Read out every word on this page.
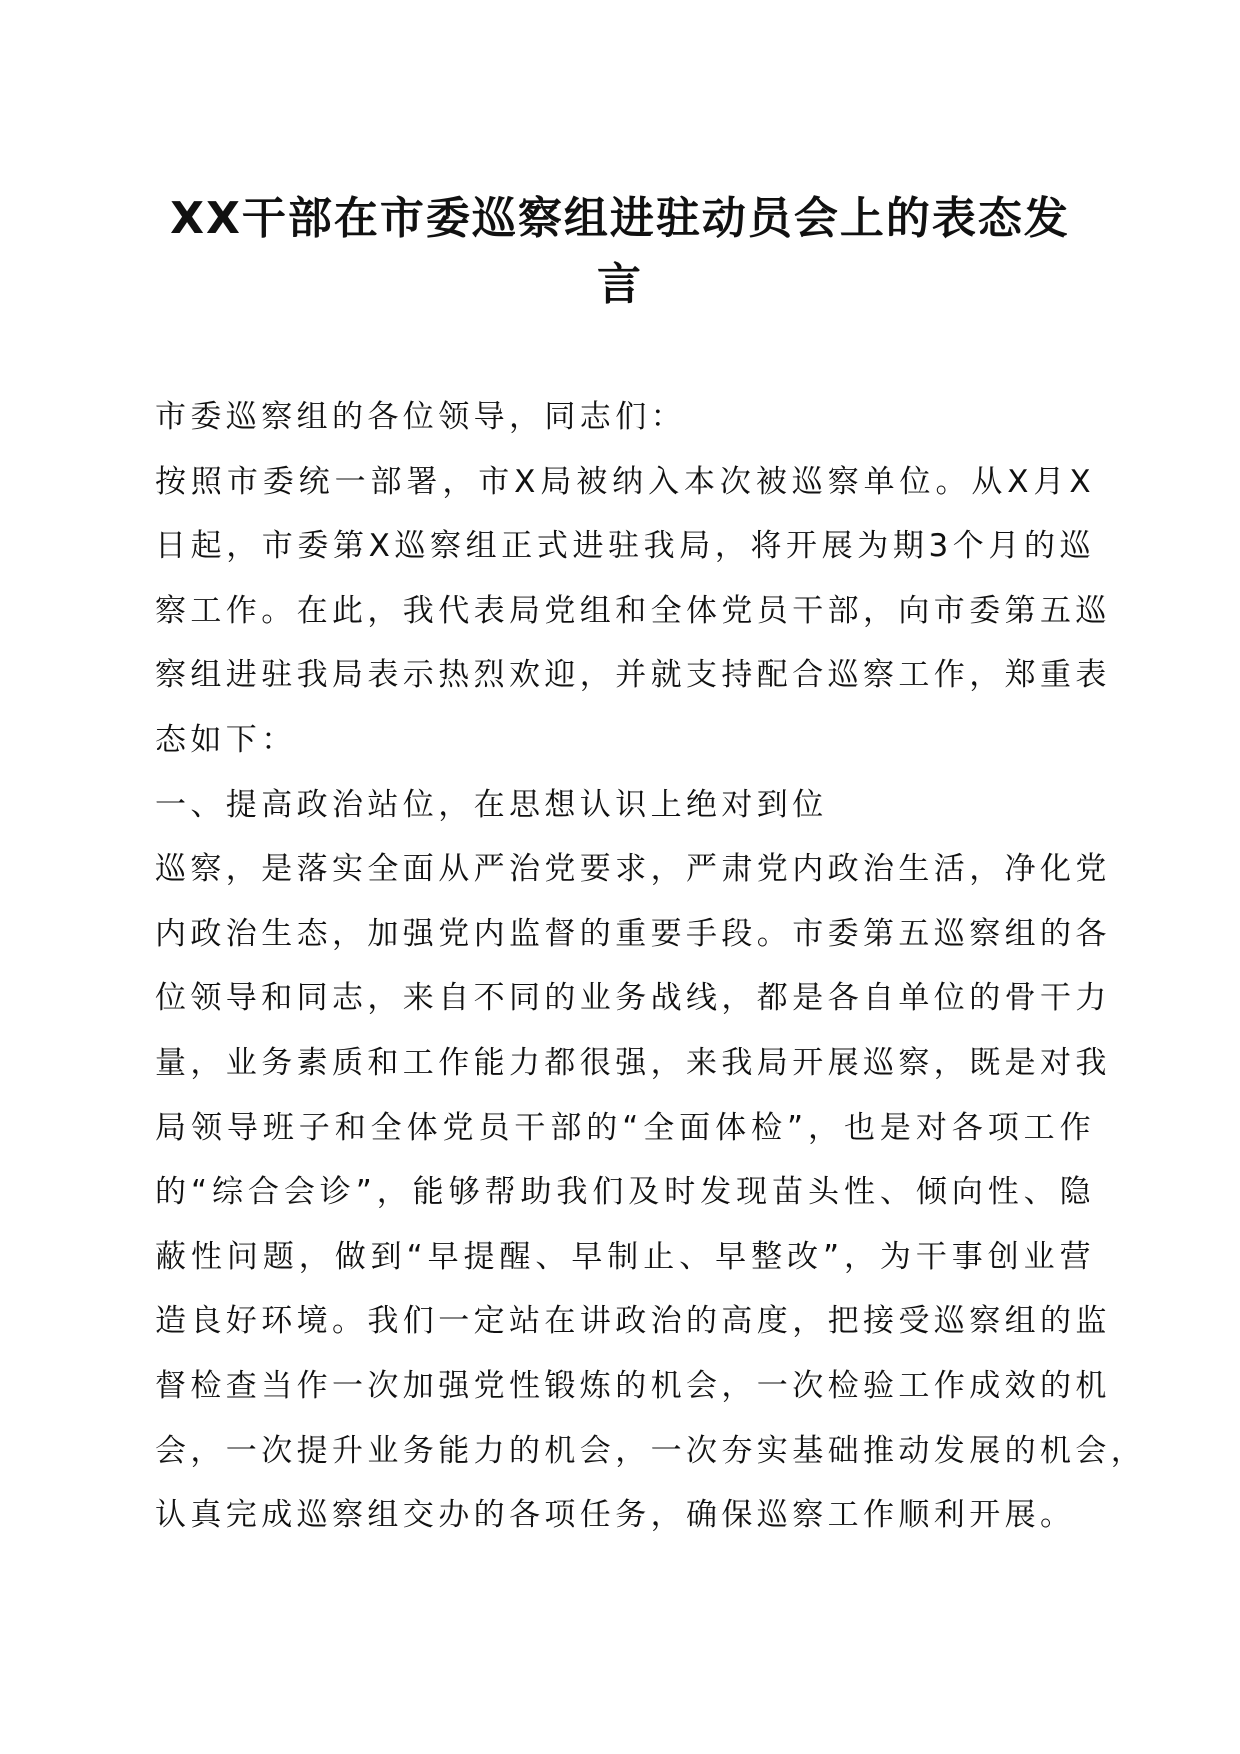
XX干部在市委巡察组进驻动员会上的表态发言
市委巡察组的各位领导，同志们：
按照市委统一部署，市X局被纳入本次被巡察单位。从X月X
日起，市委第X巡察组正式进驻我局，将开展为期3个月的巡
察工作。在此，我代表局党组和全体党员干部，向市委第五巡
察组进驻我局表示热烈欢迎，并就支持配合巡察工作，郑重表
态如下：
一、提高政治站位，在思想认识上绝对到位
巡察，是落实全面从严治党要求，严肃党内政治生活，净化党
内政治生态，加强党内监督的重要手段。市委第五巡察组的各
位领导和同志，来自不同的业务战线，都是各自单位的骨干力
量，业务素质和工作能力都很强，来我局开展巡察，既是对我
局领导班子和全体党员干部的“全面体检”，也是对各项工作
的“综合会诊”，能够帮助我们及时发现苗头性、倾向性、隐
蔽性问题，做到“早提醒、早制止、早整改”，为干事创业营
造良好环境。我们一定站在讲政治的高度，把接受巡察组的监
督检查当作一次加强党性锻炼的机会，一次检验工作成效的机
会，一次提升业务能力的机会，一次夯实基础推动发展的机会，
认真完成巡察组交办的各项任务，确保巡察工作顺利开展。
